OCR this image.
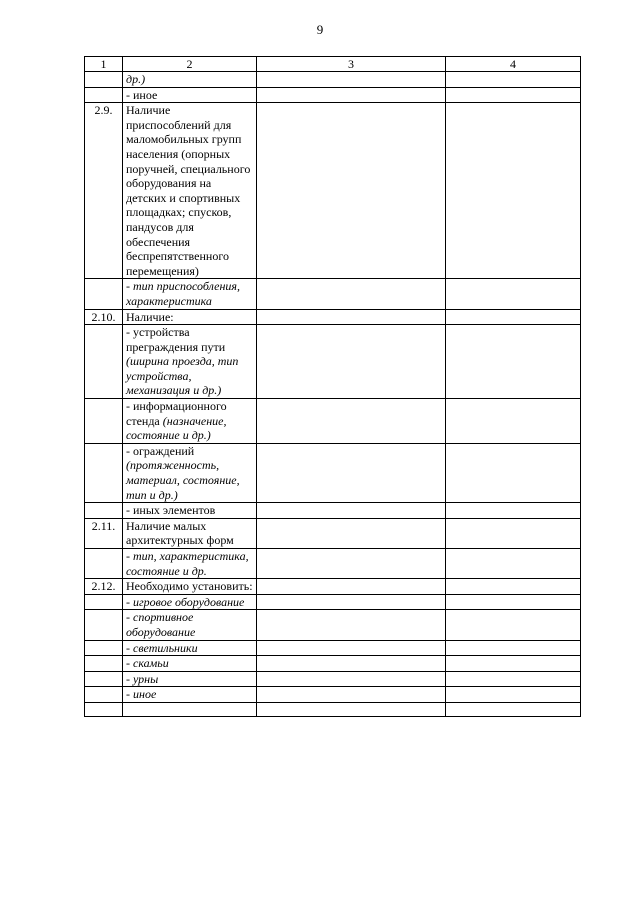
9
1	2	3	4
	др.)		
	- иное		
2.9.	Наличие приспособлений для маломобильных групп населения (опорных поручней, специального оборудования на детских и спортивных площадках; спусков, пандусов для обеспечения беспрепятственного перемещения)		
	- тип приспособления, характеристика		
2.10.	Наличие:		
	- устройства преграждения пути (ширина проезда, тип устройства, механизация и др.)		
	- информационного стенда (назначение, состояние и др.)		
	- ограждений (протяженность, материал, состояние, тип и др.)		
	- иных элементов		
2.11.	Наличие малых архитектурных форм		
	- тип, характеристика, состояние и др.		
2.12.	Необходимо установить:		
	- игровое оборудование		
	- спортивное оборудование		
	- светильники		
	- скамьи		
	- урны		
	- иное		
